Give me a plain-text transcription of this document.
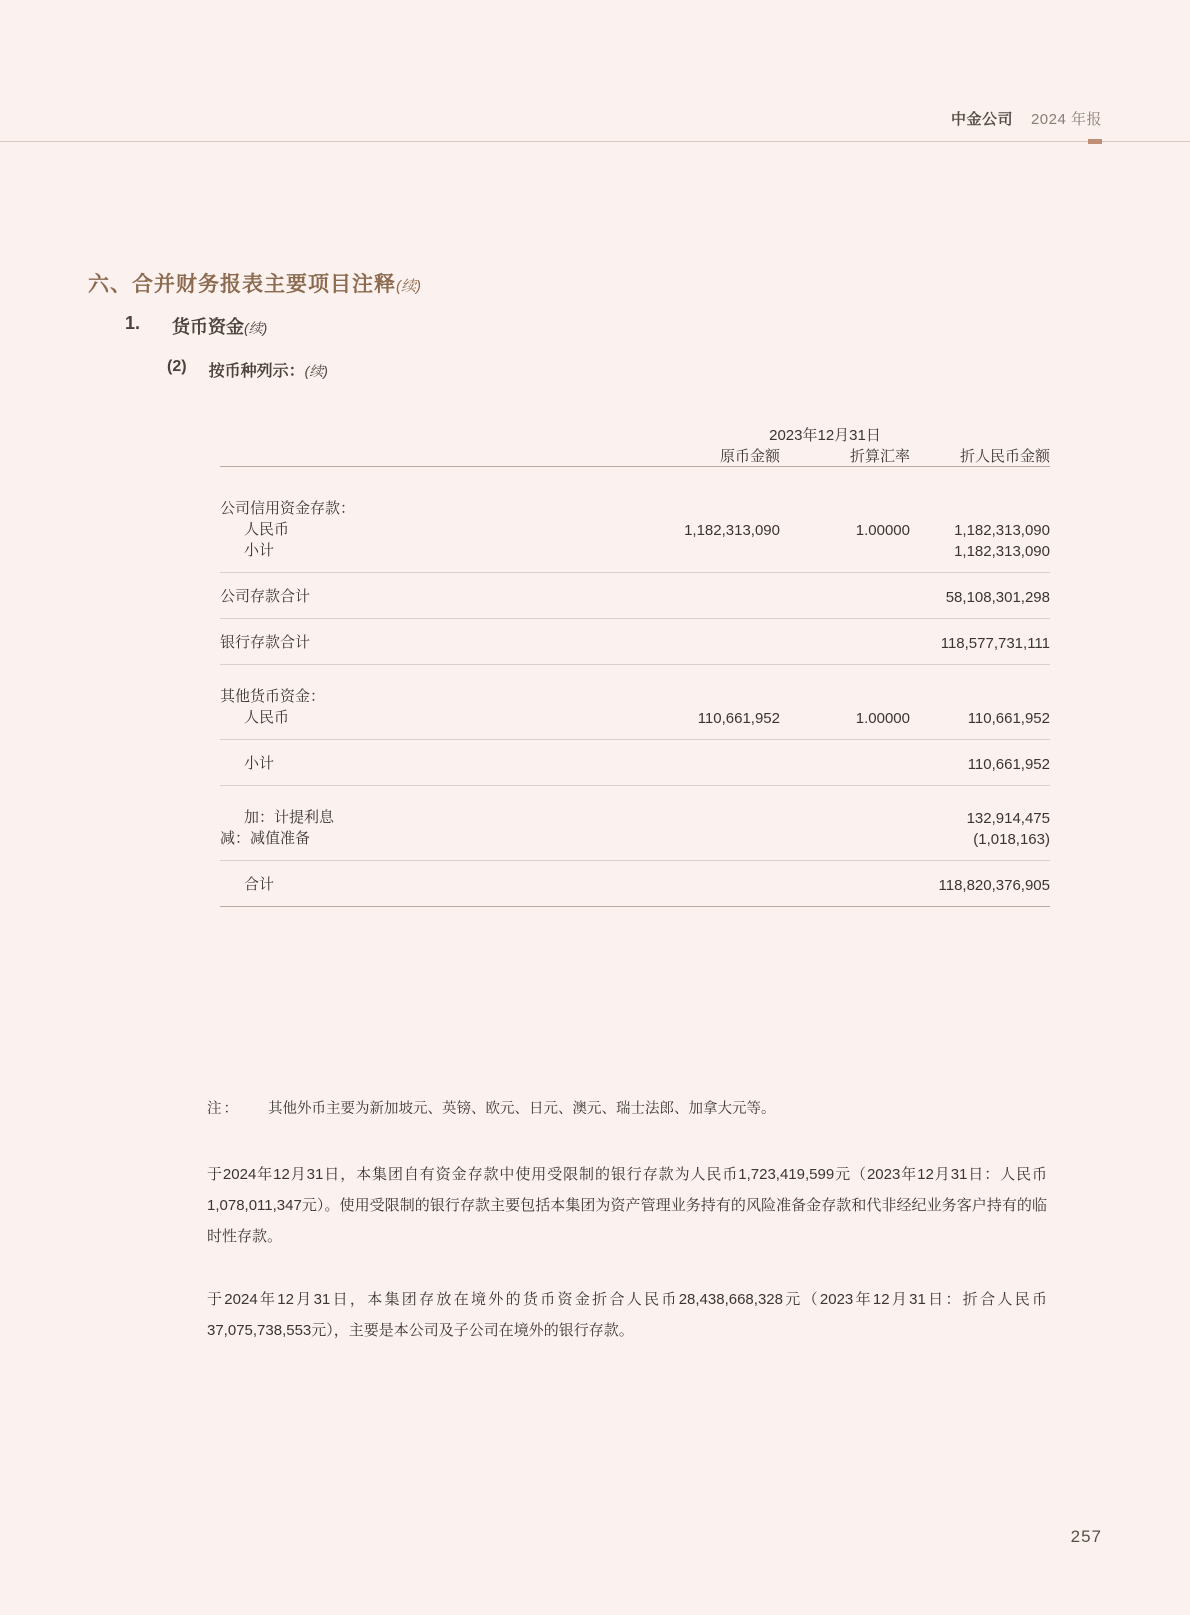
中金公司 2024 年报
六、合并财务报表主要项目注释(续)
1. 货币资金(续)
(2) 按币种列示：(续)
	2023年12月31日		
	原币金额	折算汇率	折人民币金额

公司信用资金存款：			
人民币	1,182,313,090	1.00000	1,182,313,090
小计			1,182,313,090

公司存款合计			58,108,301,298

银行存款合计			118,577,731,111

其他货币资金：			
人民币	110,661,952	1.00000	110,661,952

小计			110,661,952

加：计提利息			132,914,475
减：减值准备			(1,018,163)

合计			118,820,376,905

注： 其他外币主要为新加坡元、英镑、欧元、日元、澳元、瑞士法郎、加拿大元等。
于2024年12月31日，本集团自有资金存款中使用受限制的银行存款为人民币1,723,419,599元（2023年12月31日：人民币1,078,011,347元）。使用受限制的银行存款主要包括本集团为资产管理业务持有的风险准备金存款和代非经纪业务客户持有的临时性存款。
于2024年12月31日，本集团存放在境外的货币资金折合人民币28,438,668,328元（2023年12月31日：折合人民币37,075,738,553元），主要是本公司及子公司在境外的银行存款。
257
